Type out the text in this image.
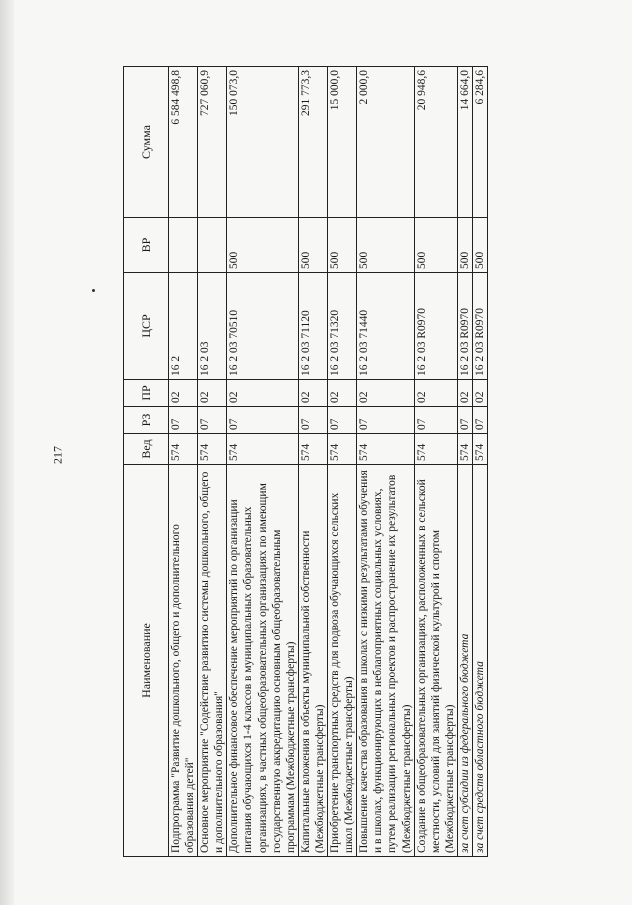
217
Наименование	Вед	РЗ	ПР	ЦСР	ВР	Сумма
Подпрограмма "Развитие дошкольного, общего и дополнительного образования детей"	574	07	02	16 2		6 584 498,8
Основное мероприятие "Содействие развитию системы дошкольного, общего и дополнительного образования"	574	07	02	16 2 03		727 060,9
Дополнительное финансовое обеспечение мероприятий по организации питания обучающихся 1-4 классов в муниципальных образовательных организациях, в частных общеобразовательных организациях по имеющим государственную аккредитацию основным общеобразовательным программам (Межбюджетные трансферты)	574	07	02	16 2 03 70510	500	150 073,0
Капитальные вложения в объекты муниципальной собственности (Межбюджетные трансферты)	574	07	02	16 2 03 71120	500	291 773,3
Приобретение транспортных средств для подвоза обучающихся сельских школ (Межбюджетные трансферты)	574	07	02	16 2 03 71320	500	15 000,0
Повышение качества образования в школах с низкими результатами обучения и в школах, функционирующих в неблагоприятных социальных условиях, путем реализации региональных проектов и распространение их результатов (Межбюджетные трансферты)	574	07	02	16 2 03 71440	500	2 000,0
Создание в общеобразовательных организациях, расположенных в сельской местности, условий для занятий физической культурой и спортом (Межбюджетные трансферты)	574	07	02	16 2 03 R0970	500	20 948,6
за счет субсидии из федерального бюджета	574	07	02	16 2 03 R0970	500	14 664,0
за счет средств областного бюджета	574	07	02	16 2 03 R0970	500	6 284,6
